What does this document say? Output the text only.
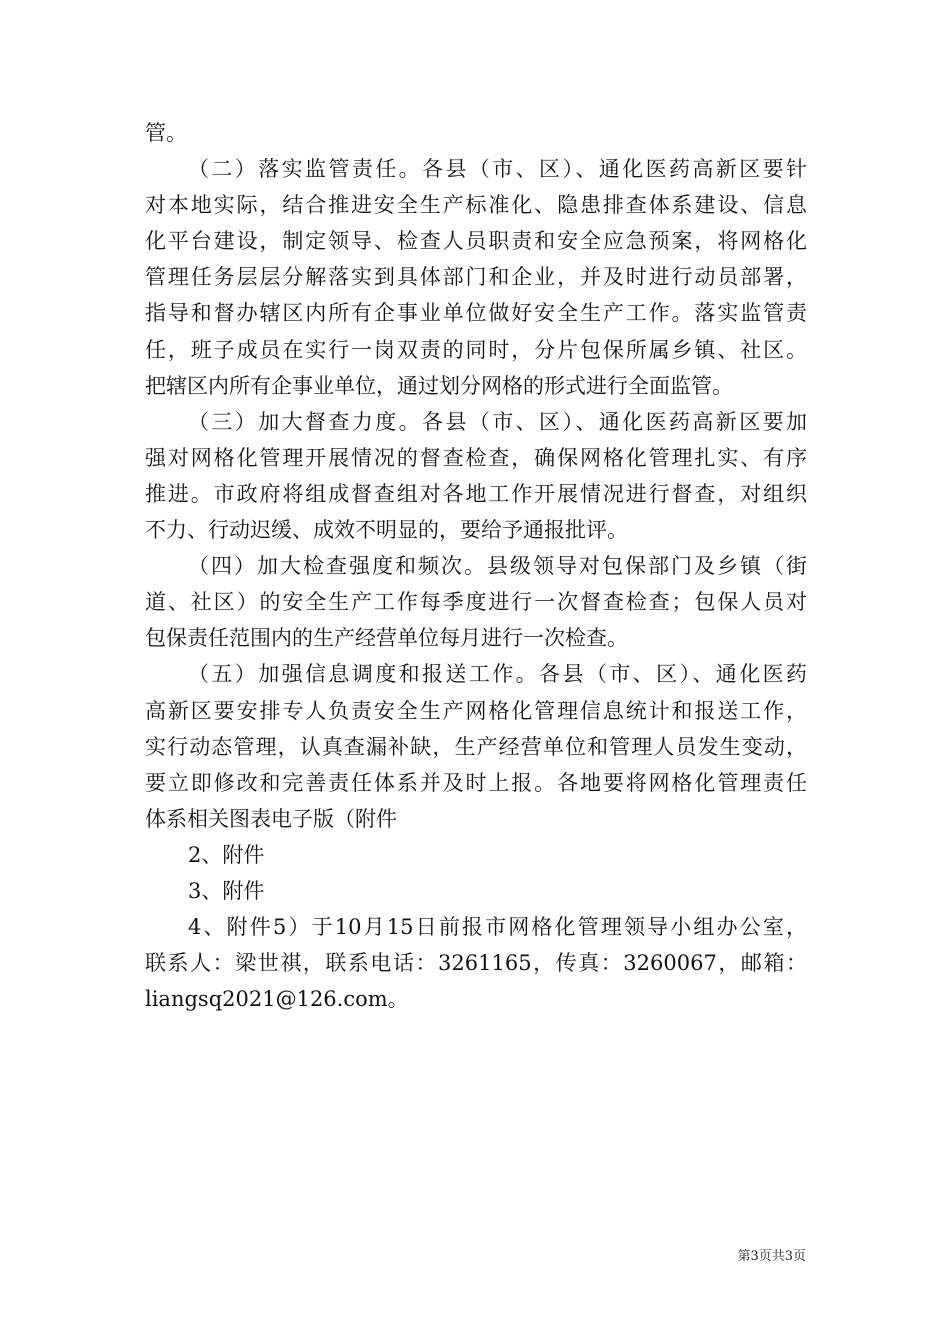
管。
（二）落实监管责任。各县（市、区）、通化医药高新区要针
对本地实际，结合推进安全生产标准化、隐患排查体系建设、信息
化平台建设，制定领导、检查人员职责和安全应急预案，将网格化
管理任务层层分解落实到具体部门和企业，并及时进行动员部署，
指导和督办辖区内所有企事业单位做好安全生产工作。落实监管责
任，班子成员在实行一岗双责的同时，分片包保所属乡镇、社区。
把辖区内所有企事业单位，通过划分网格的形式进行全面监管。
（三）加大督查力度。各县（市、区）、通化医药高新区要加
强对网格化管理开展情况的督查检查，确保网格化管理扎实、有序
推进。市政府将组成督查组对各地工作开展情况进行督查，对组织
不力、行动迟缓、成效不明显的，要给予通报批评。
（四）加大检查强度和频次。县级领导对包保部门及乡镇（街
道、社区）的安全生产工作每季度进行一次督查检查；包保人员对
包保责任范围内的生产经营单位每月进行一次检查。
（五）加强信息调度和报送工作。各县（市、区）、通化医药
高新区要安排专人负责安全生产网格化管理信息统计和报送工作，
实行动态管理，认真查漏补缺，生产经营单位和管理人员发生变动，
要立即修改和完善责任体系并及时上报。各地要将网格化管理责任
体系相关图表电子版（附件
2、附件
3、附件
4、附件5）于10月15日前报市网格化管理领导小组办公室，
联系人：梁世祺，联系电话：3261165，传真：3260067，邮箱：
liangsq2021@126.com。
第3页共3页
